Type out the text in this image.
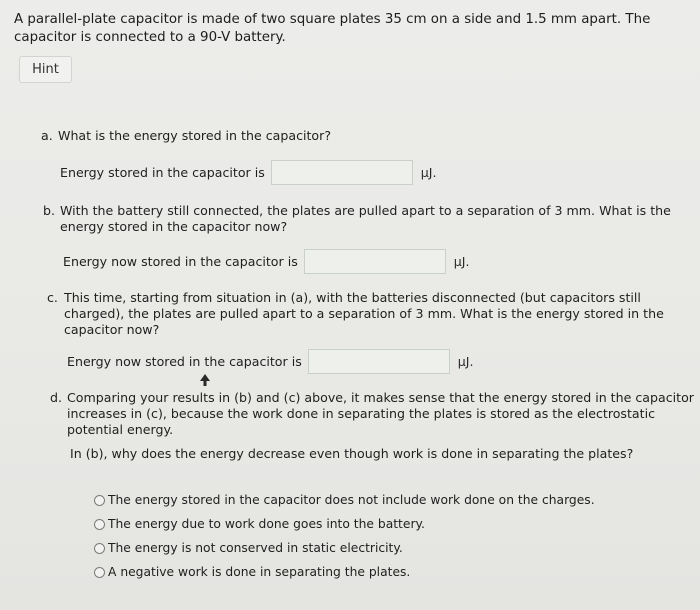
A parallel-plate capacitor is made of two square plates 35 cm on a side and 1.5 mm apart. The capacitor is connected to a 90-V battery.
Hint
a. What is the energy stored in the capacitor?
Energy stored in the capacitor is	μJ.
b. With the battery still connected, the plates are pulled apart to a separation of 3 mm. What is the
energy stored in the capacitor now?
Energy now stored in the capacitor is	μJ.
c. This time, starting from situation in (a), with the batteries disconnected (but capacitors still
charged), the plates are pulled apart to a separation of 3 mm. What is the energy stored in the
capacitor now?
Energy now stored in the capacitor is	μJ.
d. Comparing your results in (b) and (c) above, it makes sense that the energy stored in the capacitor
increases in (c), because the work done in separating the plates is stored as the electrostatic
potential energy.
In (b), why does the energy decrease even though work is done in separating the plates?
The energy stored in the capacitor does not include work done on the charges.
The energy due to work done goes into the battery.
The energy is not conserved in static electricity.
A negative work is done in separating the plates.
